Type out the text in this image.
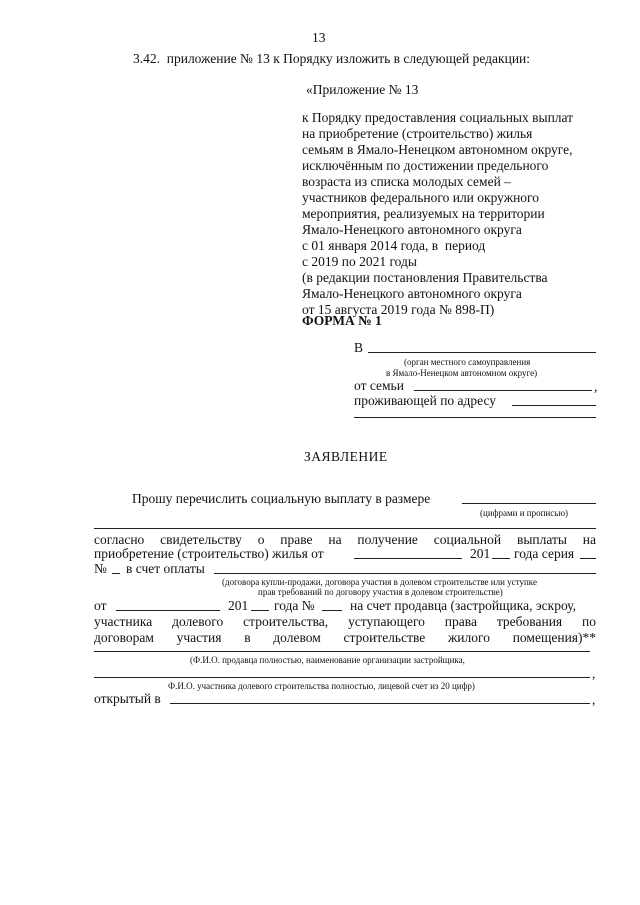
13
3.42.  приложение № 13 к Порядку изложить в следующей редакции:
«Приложение № 13
к Порядку предоставления социальных выплат
на приобретение (строительство) жилья
семьям в Ямало-Ненецком автономном округе,
исключённым по достижении предельного
возраста из списка молодых семей –
участников федерального или окружного
мероприятия, реализуемых на территории
Ямало-Ненецкого автономного округа
с 01 января 2014 года, в  период
с 2019 по 2021 годы
(в редакции постановления Правительства
Ямало-Ненецкого автономного округа
от 15 августа 2019 года № 898-П)
ФОРМА № 1
В
(орган местного самоуправления
в Ямало-Ненецком автономном округе)
от семьи	,
проживающей по адресу
ЗАЯВЛЕНИЕ
Прошу перечислить социальную выплату в размере
(цифрами и прописью)
согласно свидетельству о праве на получение социальной выплаты на
приобретение (строительство) жилья от	201 года серия
№ в счет оплаты
(договора купли-продажи, договора участия в долевом строительстве или уступке
прав требований по договору участия в долевом строительстве)
от	201 года №	на счет продавца (застройщика, эскроу,
участника долевого строительства, уступающего права требования по
договорам участия в долевом строительстве жилого помещения)**
(Ф.И.О. продавца полностью, наименование организации застройщика,
,
Ф.И.О. участника долевого строительства полностью, лицевой счет из 20 цифр)
открытый в	,
